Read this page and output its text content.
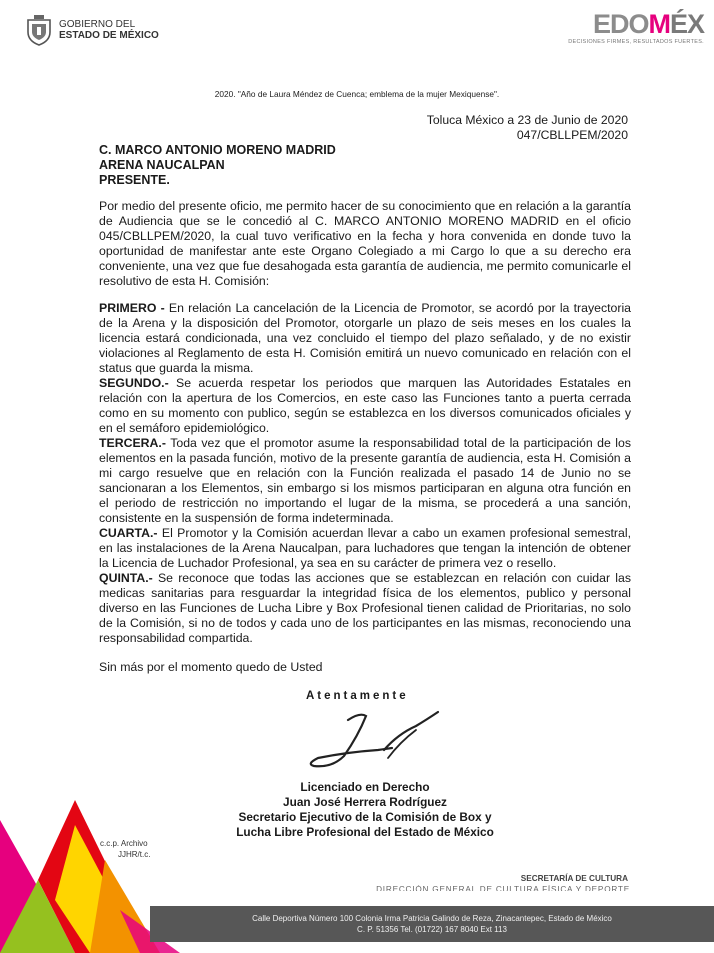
GOBIERNO DEL
ESTADO DE MÉXICO	EDOMÉX
DECISIONES FIRMES, RESULTADOS FUERTES.
2020. "Año de Laura Méndez de Cuenca; emblema de la mujer Mexiquense".
Toluca México a 23 de Junio de 2020
047/CBLLPEM/2020
C. MARCO ANTONIO MORENO MADRID
ARENA NAUCALPAN
PRESENTE.
Por medio del presente oficio, me permito hacer de su conocimiento que en relación a la garantía de Audiencia que se le concedió al C. MARCO ANTONIO MORENO MADRID en el oficio 045/CBLLPEM/2020, la cual tuvo verificativo en la fecha y hora convenida en donde tuvo la oportunidad de manifestar ante este Organo Colegiado a mi Cargo lo que a su derecho era conveniente, una vez que fue desahogada esta garantía de audiencia, me permito comunicarle el resolutivo de esta H. Comisión:

PRIMERO - En relación La cancelación de la Licencia de Promotor, se acordó por la trayectoria de la Arena y la disposición del Promotor, otorgarle un plazo de seis meses en los cuales la licencia estará condicionada, una vez concluido el tiempo del plazo señalado, y de no existir violaciones al Reglamento de esta H. Comisión emitirá un nuevo comunicado en relación con el status que guarda la misma.

SEGUNDO.- Se acuerda respetar los periodos que marquen las Autoridades Estatales en relación con la apertura de los Comercios, en este caso las Funciones tanto a puerta cerrada como en su momento con publico, según se establezca en los diversos comunicados oficiales y en el semáforo epidemiológico.

TERCERA.- Toda vez que el promotor asume la responsabilidad total de la participación de los elementos en la pasada función, motivo de la presente garantía de audiencia, esta H. Comisión a mi cargo resuelve que en relación con la Función realizada el pasado 14 de Junio no se sancionaran a los Elementos, sin embargo si los mismos participaran en alguna otra función en el periodo de restricción no importando el lugar de la misma, se procederá a una sanción, consistente en la suspensión de forma indeterminada.

CUARTA.- El Promotor y la Comisión acuerdan llevar a cabo un examen profesional semestral, en las instalaciones de la Arena Naucalpan, para luchadores que tengan la intención de obtener la Licencia de Luchador Profesional, ya sea en su carácter de primera vez o resello.

QUINTA.- Se reconoce que todas las acciones que se establezcan en relación con cuidar las medicas sanitarias para resguardar la integridad física de los elementos, publico y personal diverso en las Funciones de Lucha Libre y Box Profesional tienen calidad de Prioritarias, no solo de la Comisión, si no de todos y cada uno de los participantes en las mismas, reconociendo una responsabilidad compartida.

Sin más por el momento quedo de Usted
Atentamente
Licenciado en Derecho
Juan José Herrera Rodríguez
Secretario Ejecutivo de la Comisión de Box y
Lucha Libre Profesional del Estado de México
c.c.p. Archivo
JJHR/t.c.
SECRETARÍA DE CULTURA
DIRECCIÓN GENERAL DE CULTURA FÍSICA Y DEPORTE
Calle Deportiva Número 100 Colonia Irma Patricia Galindo de Reza, Zinacantepec, Estado de México
C. P. 51356 Tel. (01722) 167 8040 Ext 113
